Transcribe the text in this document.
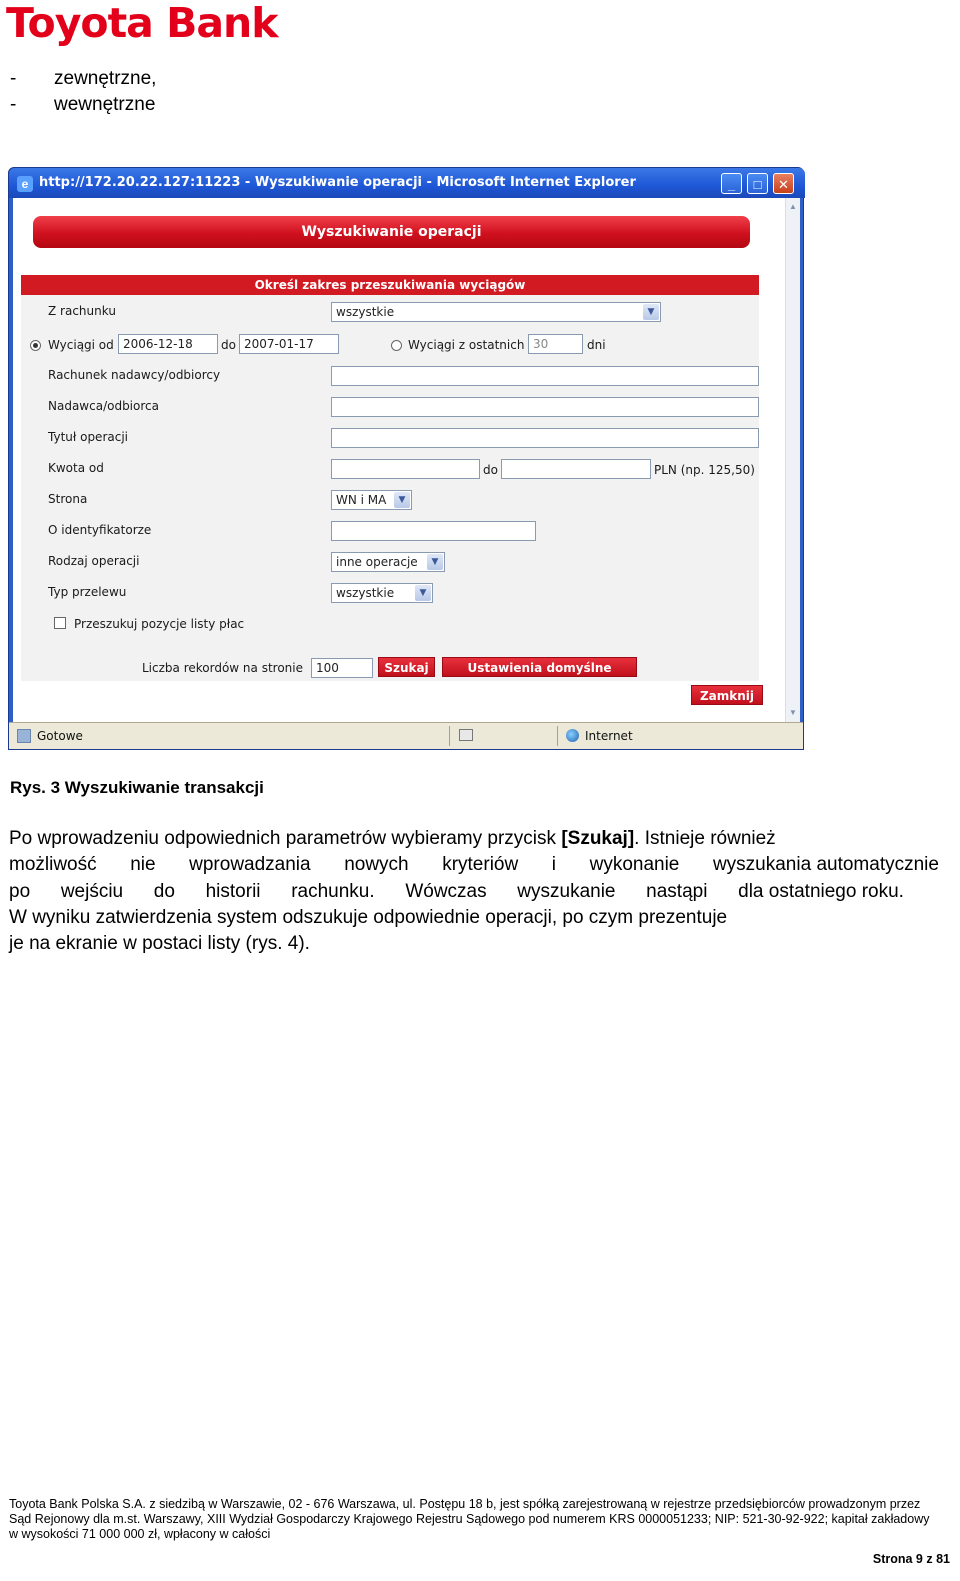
Toyota Bank
- zewnętrzne,
- wewnętrzne
e http://172.20.22.127:11223 - Wyszukiwanie operacji - Microsoft Internet Explorer	_	□	✕
▲
▼
Wyszukiwanie operacji
Określ zakres przeszukiwania wyciągów
Z rachunku	wszystkie	▼
Wyciągi od 2006-12-18	do 2007-01-17	Wyciągi z ostatnich 30	dni
Rachunek nadawcy/odbiorcy
Nadawca/odbiorca
Tytuł operacji
Kwota od	do	PLN (np. 125,50)
Strona	WN i MA	▼
O identyfikatorze
Rodzaj operacji	inne operacje	▼
Typ przelewu	wszystkie	▼
Przeszukuj pozycje listy płac
Liczba rekordów na stronie	100	Szukaj	Ustawienia domyślne
Zamknij
Gotowe	Internet
Rys. 3 Wyszukiwanie transakcji

Po wprowadzeniu odpowiednich parametrów wybieramy przycisk [Szukaj]. Istnieje również

możliwość nie wprowadzania nowych kryteriów i wykonanie wyszukania automatycznie

po wejściu do historii rachunku. Wówczas wyszukanie nastąpi dla ostatniego roku.

W wyniku zatwierdzenia system odszukuje odpowiednie operacji, po czym prezentuje

je na ekranie w postaci listy (rys. 4).

Toyota Bank Polska S.A. z siedzibą w Warszawie, 02 - 676 Warszawa, ul. Postępu 18 b, jest spółką zarejestrowaną w rejestrze przedsiębiorców prowadzonym przez
Sąd Rejonowy dla m.st. Warszawy, XIII Wydział Gospodarczy Krajowego Rejestru Sądowego pod numerem KRS 0000051233; NIP: 521-30-92-922; kapitał zakładowy
w wysokości 71 000 000 zł, wpłacony w całości
Strona 9 z 81
